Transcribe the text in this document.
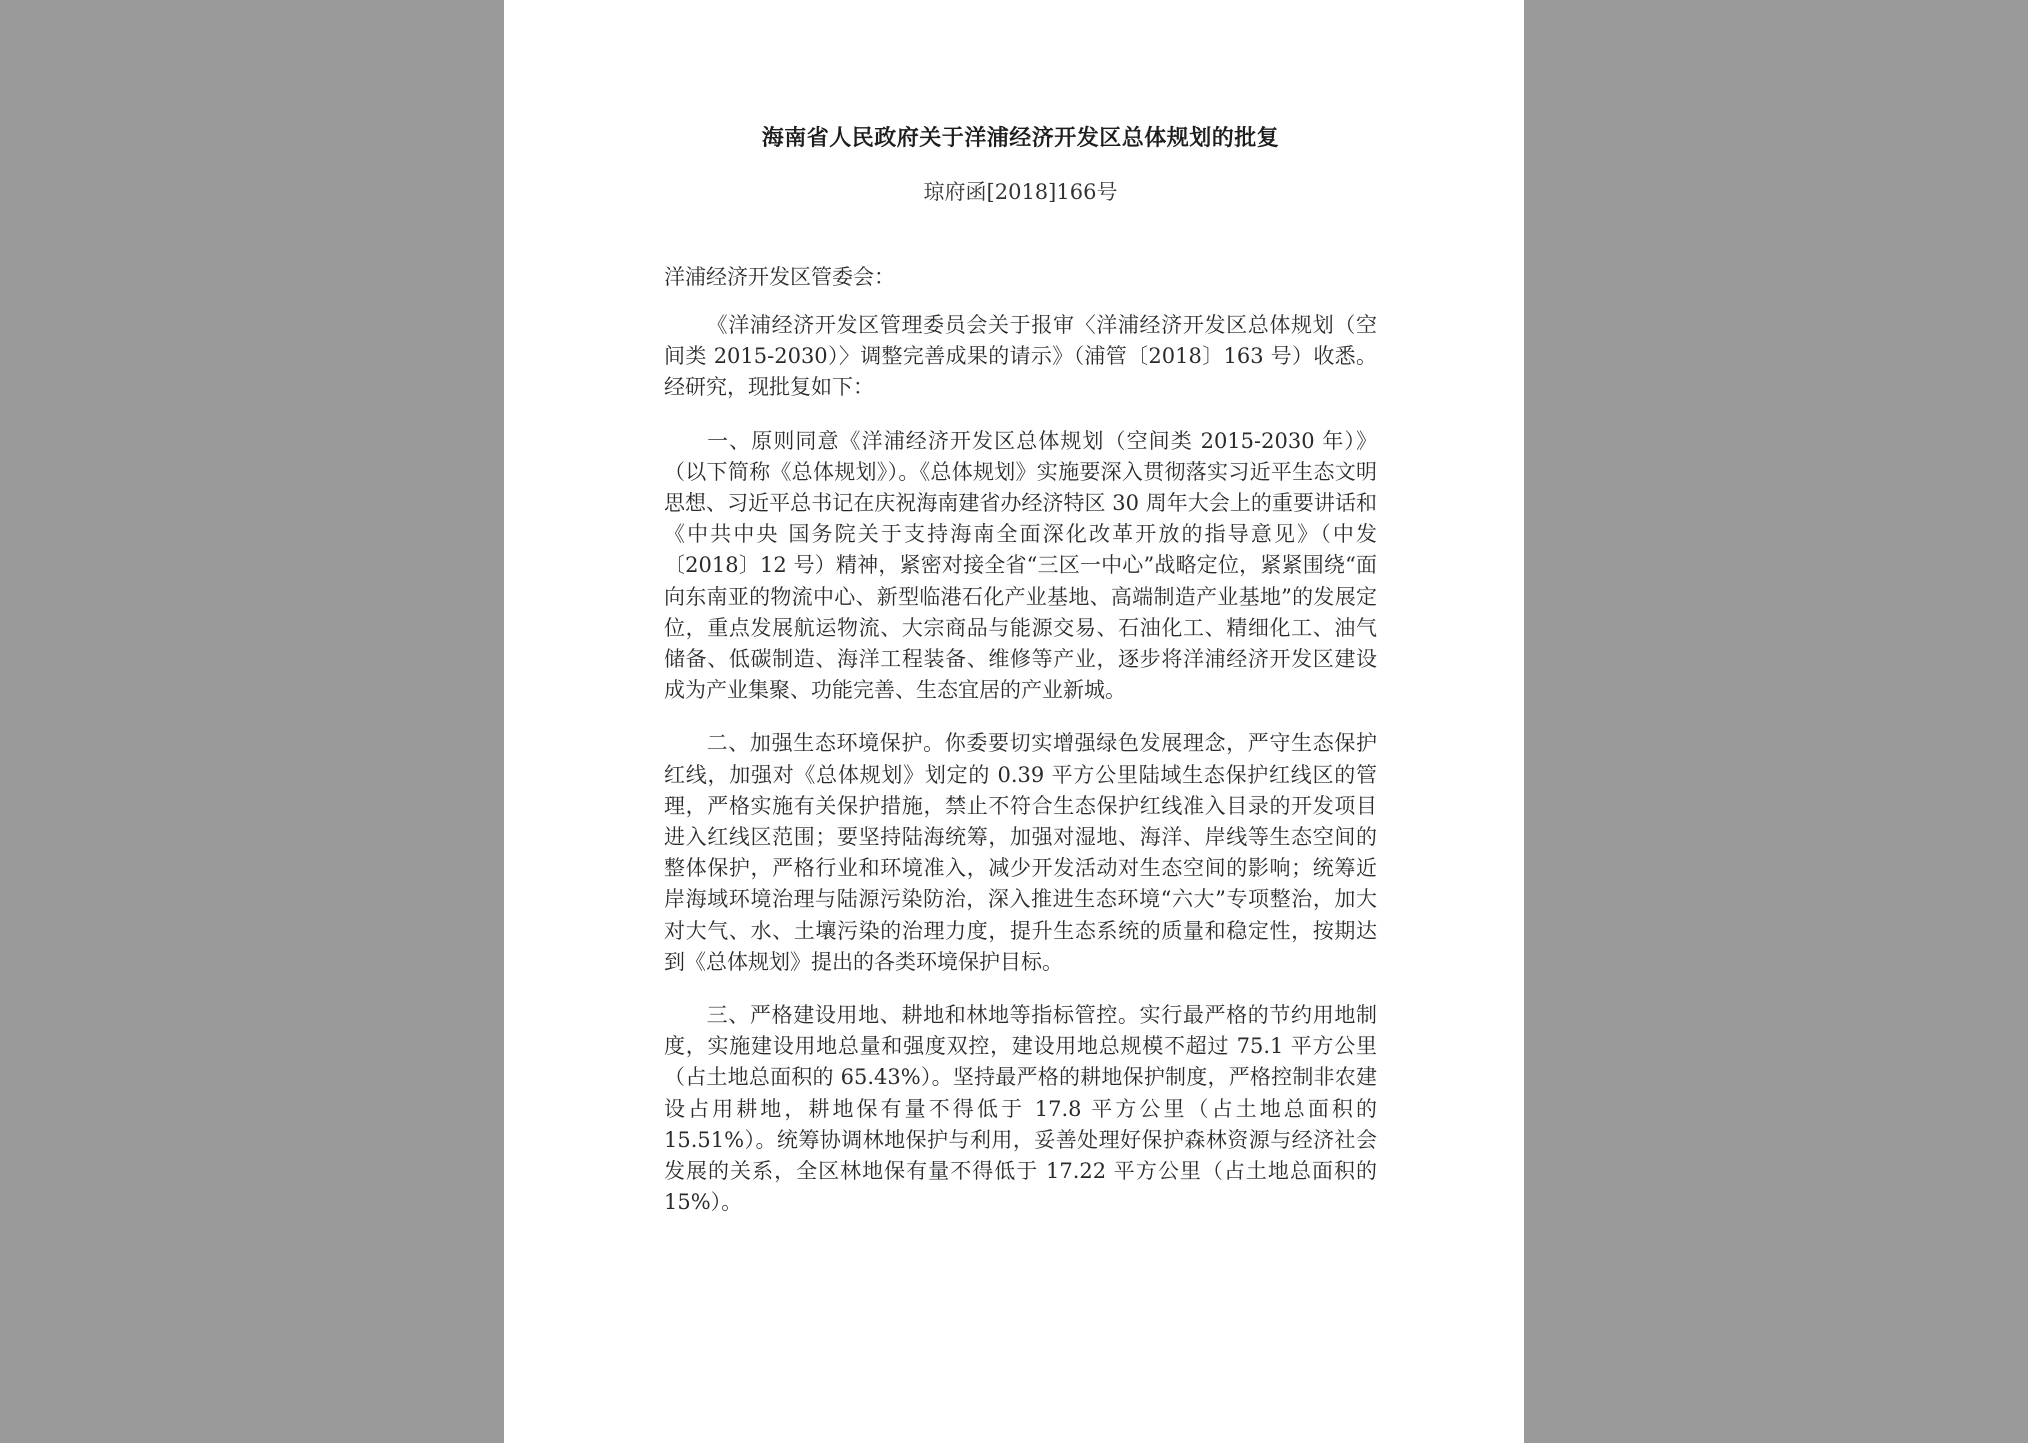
海南省人民政府关于洋浦经济开发区总体规划的批复
琼府函[2018]166号
洋浦经济开发区管委会：

《洋浦经济开发区管理委员会关于报审〈洋浦经济开发区总体规划（空间类 2015-2030）〉调整完善成果的请示》（浦管〔2018〕163 号）收悉。经研究，现批复如下：

一、原则同意《洋浦经济开发区总体规划（空间类 2015-2030 年）》（以下简称《总体规划》）。《总体规划》实施要深入贯彻落实习近平生态文明思想、习近平总书记在庆祝海南建省办经济特区 30 周年大会上的重要讲话和《中共中央 国务院关于支持海南全面深化改革开放的指导意见》（中发〔2018〕12 号）精神，紧密对接全省“三区一中心”战略定位，紧紧围绕“面向东南亚的物流中心、新型临港石化产业基地、高端制造产业基地”的发展定位，重点发展航运物流、大宗商品与能源交易、石油化工、精细化工、油气储备、低碳制造、海洋工程装备、维修等产业，逐步将洋浦经济开发区建设成为产业集聚、功能完善、生态宜居的产业新城。

二、加强生态环境保护。你委要切实增强绿色发展理念，严守生态保护红线，加强对《总体规划》划定的 0.39 平方公里陆域生态保护红线区的管理，严格实施有关保护措施，禁止不符合生态保护红线准入目录的开发项目进入红线区范围；要坚持陆海统筹，加强对湿地、海洋、岸线等生态空间的整体保护，严格行业和环境准入，减少开发活动对生态空间的影响；统筹近岸海域环境治理与陆源污染防治，深入推进生态环境“六大”专项整治，加大对大气、水、土壤污染的治理力度，提升生态系统的质量和稳定性，按期达到《总体规划》提出的各类环境保护目标。

三、严格建设用地、耕地和林地等指标管控。实行最严格的节约用地制度，实施建设用地总量和强度双控，建设用地总规模不超过 75.1 平方公里（占土地总面积的 65.43%）。坚持最严格的耕地保护制度，严格控制非农建设占用耕地，耕地保有量不得低于 17.8 平方公里（占土地总面积的 15.51%）。统筹协调林地保护与利用，妥善处理好保护森林资源与经济社会发展的关系，全区林地保有量不得低于 17.22 平方公里（占土地总面积的 15%）。
